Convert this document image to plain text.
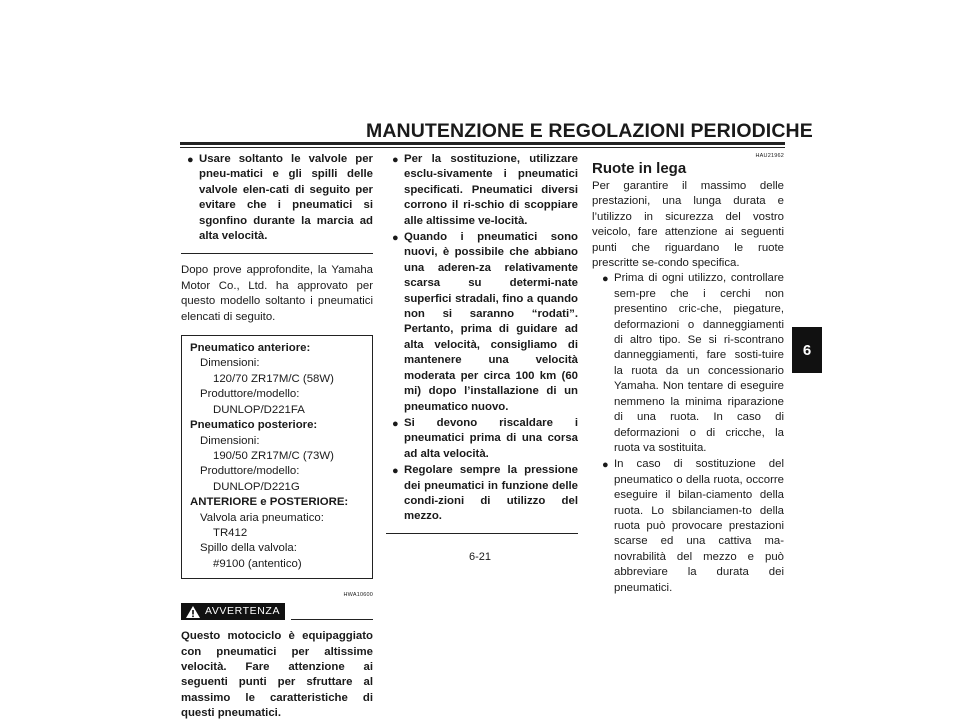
MANUTENZIONE E REGOLAZIONI PERIODICHE
6
● Usare soltanto le valvole per pneu-matici e gli spilli delle valvole elen-cati di seguito per evitare che i pneumatici si sgonfino durante la marcia ad alta velocità.
Dopo prove approfondite, la Yamaha Motor Co., Ltd. ha approvato per questo modello soltanto i pneumatici elencati di seguito.
Pneumatico anteriore:
Dimensioni:
120/70 ZR17M/C (58W)
Produttore/modello:
DUNLOP/D221FA
Pneumatico posteriore:
Dimensioni:
190/50 ZR17M/C (73W)
Produttore/modello:
DUNLOP/D221G
ANTERIORE e POSTERIORE:
Valvola aria pneumatico:
TR412
Spillo della valvola:
#9100 (antentico)
HWA10600
AVVERTENZA
Questo motociclo è equipaggiato con pneumatici per altissime velocità. Fare attenzione ai seguenti punti per sfruttare al massimo le caratteristiche di questi pneumatici.
● Per la sostituzione, utilizzare esclu-sivamente i pneumatici specificati. Pneumatici diversi corrono il ri-schio di scoppiare alle altissime ve-locità.
● Quando i pneumatici sono nuovi, è possibile che abbiano una aderen-za relativamente scarsa su determi-nate superfici stradali, fino a quando non si saranno “rodati”. Pertanto, prima di guidare ad alta velocità, consigliamo di mantenere una velocità moderata per circa 100 km (60 mi) dopo l’installazione di un pneumatico nuovo.
● Si devono riscaldare i pneumatici prima di una corsa ad alta velocità.
● Regolare sempre la pressione dei pneumatici in funzione delle condi-zioni di utilizzo del mezzo.
HAU21962
Ruote in lega
Per garantire il massimo delle prestazioni, una lunga durata e l’utilizzo in sicurezza del vostro veicolo, fare attenzione ai seguenti punti che riguardano le ruote prescritte se-condo specifica.
● Prima di ogni utilizzo, controllare sem-pre che i cerchi non presentino cric-che, piegature, deformazioni o danneggiamenti di altro tipo. Se si ri-scontrano danneggiamenti, fare sosti-tuire la ruota da un concessionario Yamaha. Non tentare di eseguire nemmeno la minima riparazione di una ruota. In caso di deformazioni o di cricche, la ruota va sostituita.
● In caso di sostituzione del pneumatico o della ruota, occorre eseguire il bilan-ciamento della ruota. Lo sbilanciamen-to della ruota può provocare prestazioni scarse ed una cattiva ma-novrabilità del mezzo e può abbreviare la durata dei pneumatici.
6-21
